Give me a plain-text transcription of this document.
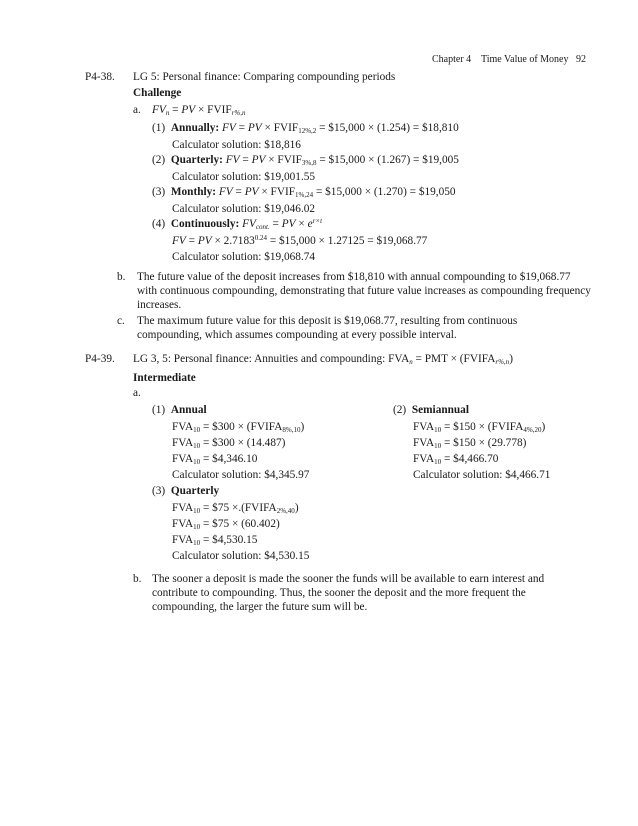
Chapter 4 Time Value of Money 92
P4-38. LG 5: Personal finance: Comparing compounding periods
Challenge
a. $FV_n$ = PV × $FVIF_{r\%,n}$
(1) Annually: FV = PV × $FVIF_{12\%,2}$ = $15,000 × (1.254) = $18,810
Calculator solution: $18,816
(2) Quarterly: FV = PV × $FVIF_{3\%,8}$ = $15,000 × (1.267) = $19,005
Calculator solution: $19,001.55
(3) Monthly: FV = PV × $FVIF_{1\%,24}$ = $15,000 × (1.270) = $19,050
Calculator solution: $19,046.02
(4) Continuously: $FV_{cont.}$ = PV × $e^{r\times t}$
FV = PV × $2.7183^{0.24}$ = $15,000 × 1.27125 = $19,068.77
Calculator solution: $19,068.74
b. The future value of the deposit increases from $18,810 with annual compounding to $19,068.77 with continuous compounding, demonstrating that future value increases as compounding frequency increases.
c. The maximum future value for this deposit is $19,068.77, resulting from continuous compounding, which assumes compounding at every possible interval.
P4-39. LG 3, 5: Personal finance: Annuities and compounding: $FVA_n$ = PMT × $(FVIFA_{r\%,n})$
Intermediate
a.
(1) Annual
$FVA_{10}$ = $300 × $(FVIFA_{8\%,10})$
$FVA_{10}$ = $300 × (14.487)
$FVA_{10}$ = $4,346.10
Calculator solution: $4,345.97
(2) Semiannual
$FVA_{10}$ = $150 × $(FVIFA_{4\%,20})$
$FVA_{10}$ = $150 × (29.778)
$FVA_{10}$ = $4,466.70
Calculator solution: $4,466.71
(3) Quarterly
$FVA_{10}$ = $75 $\times.(FVIFA_{2\%,40})$
$FVA_{10}$ = $75 × (60.402)
$FVA_{10}$ = $4,530.15
Calculator solution: $4,530.15
b. The sooner a deposit is made the sooner the funds will be available to earn interest and contribute to compounding. Thus, the sooner the deposit and the more frequent the compounding, the larger the future sum will be.
